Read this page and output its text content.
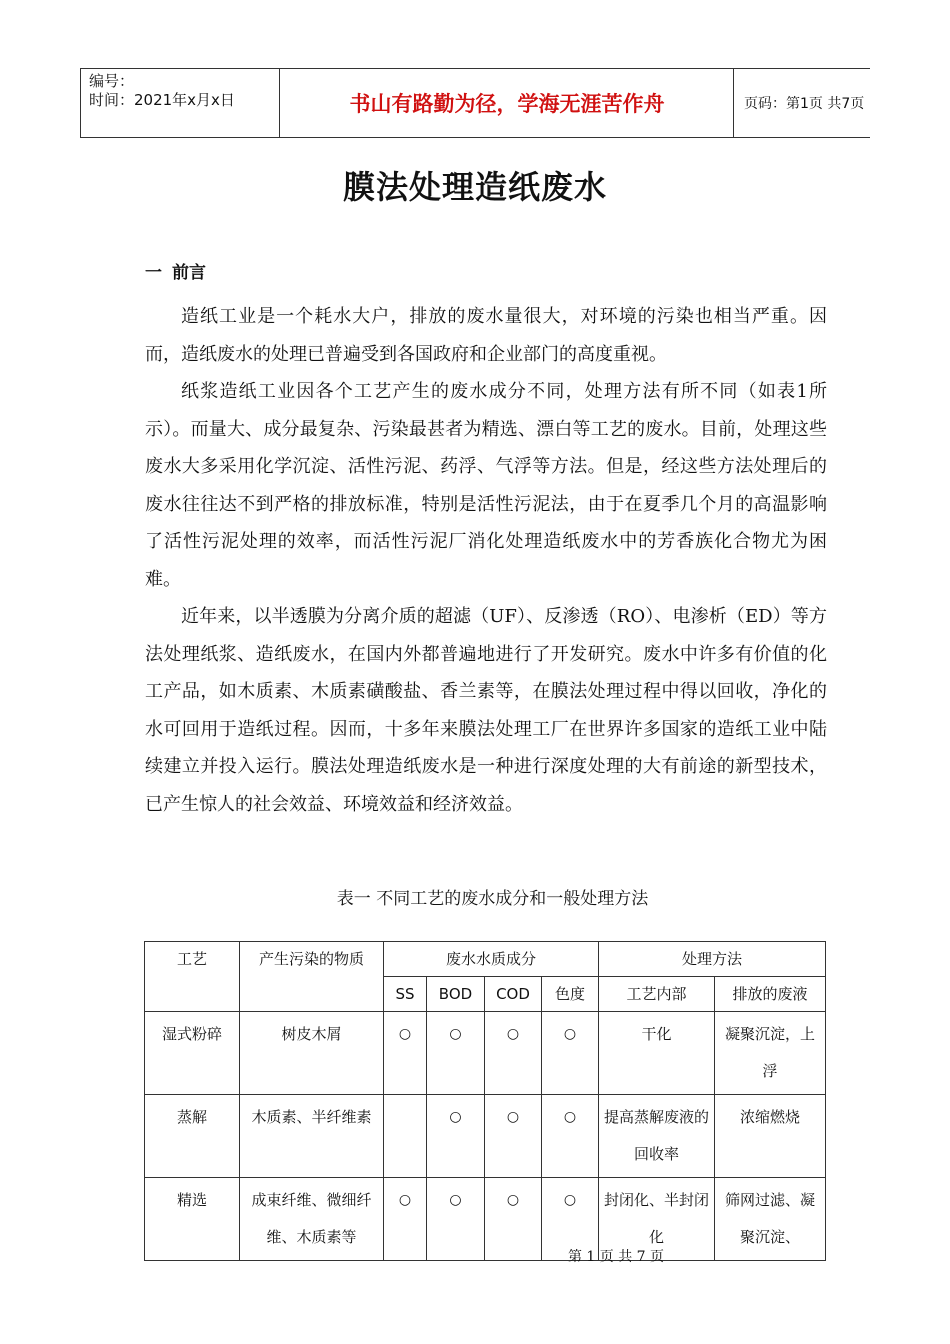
编号：
时间：2021年x月x日	书山有路勤为径，学海无涯苦作舟	页码：第1页 共7页
膜法处理造纸废水
一 前言

造纸工业是一个耗水大户，排放的废水量很大，对环境的污染也相当严重。因而，造纸废水的处理已普遍受到各国政府和企业部门的高度重视。

纸浆造纸工业因各个工艺产生的废水成分不同，处理方法有所不同（如表1所示）。而量大、成分最复杂、污染最甚者为精选、漂白等工艺的废水。目前，处理这些废水大多采用化学沉淀、活性污泥、药浮、气浮等方法。但是，经这些方法处理后的废水往往达不到严格的排放标准，特别是活性污泥法，由于在夏季几个月的高温影响了活性污泥处理的效率，而活性污泥厂消化处理造纸废水中的芳香族化合物尤为困难。

近年来，以半透膜为分离介质的超滤（UF）、反渗透（RO）、电渗析（ED）等方法处理纸浆、造纸废水，在国内外都普遍地进行了开发研究。废水中许多有价值的化工产品，如木质素、木质素磺酸盐、香兰素等，在膜法处理过程中得以回收，净化的水可回用于造纸过程。因而，十多年来膜法处理工厂在世界许多国家的造纸工业中陆续建立并投入运行。膜法处理造纸废水是一种进行深度处理的大有前途的新型技术，已产生惊人的社会效益、环境效益和经济效益。

表一 不同工艺的废水成分和一般处理方法
工艺	产生污染的物质	废水水质成分				处理方法	
		SS	BOD	COD	色度	工艺内部	排放的废液
湿式粉碎	树皮木屑	○	○	○	○	干化	凝聚沉淀，上浮
蒸解	木质素、半纤维素		○	○	○	提高蒸解废液的回收率	浓缩燃烧
精选	成束纤维、微细纤维、木质素等	○	○	○	○	封闭化、半封闭化	筛网过滤、凝聚沉淀、
第 1 页 共 7 页
